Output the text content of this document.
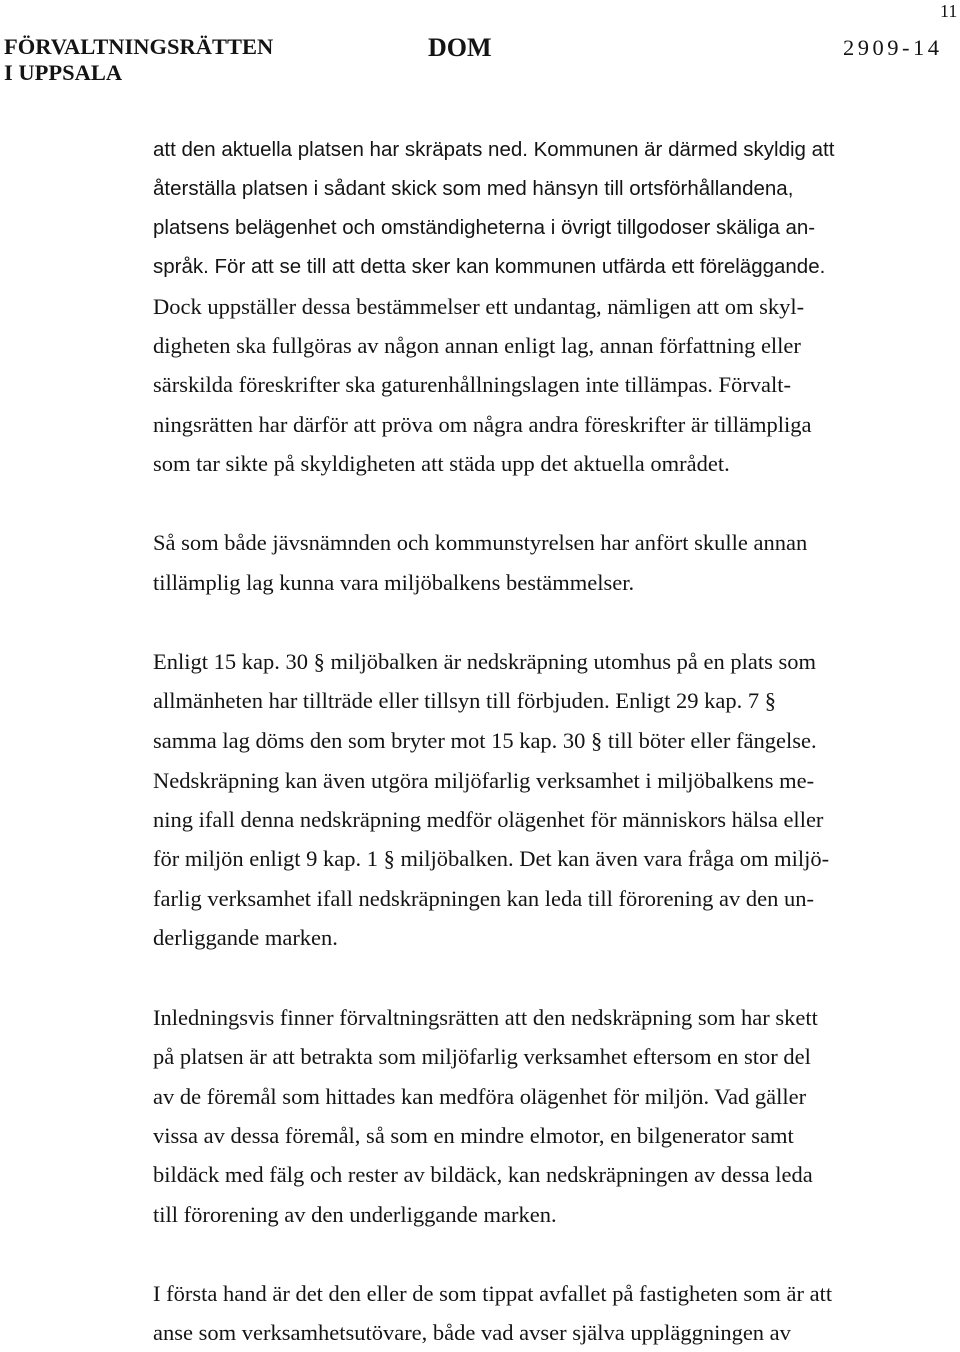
11
FÖRVALTNINGSRÄTTEN
I UPPSALA
DOM	2909-14
att den aktuella platsen har skräpats ned. Kommunen är därmed skyldig att
återställa platsen i sådant skick som med hänsyn till ortsförhållandena,
platsens belägenhet och omständigheterna i övrigt tillgodoser skäliga an-
språk. För att se till att detta sker kan kommunen utfärda ett föreläggande.
Dock uppställer dessa bestämmelser ett undantag, nämligen att om skyl-
digheten ska fullgöras av någon annan enligt lag, annan författning eller
särskilda föreskrifter ska gaturenhållningslagen inte tillämpas. Förvalt-
ningsrätten har därför att pröva om några andra föreskrifter är tillämpliga
som tar sikte på skyldigheten att städa upp det aktuella området.
Så som både jävsnämnden och kommunstyrelsen har anfört skulle annan
tillämplig lag kunna vara miljöbalkens bestämmelser.
Enligt 15 kap. 30 § miljöbalken är nedskräpning utomhus på en plats som
allmänheten har tillträde eller tillsyn till förbjuden. Enligt 29 kap. 7 §
samma lag döms den som bryter mot 15 kap. 30 § till böter eller fängelse.
Nedskräpning kan även utgöra miljöfarlig verksamhet i miljöbalkens me-
ning ifall denna nedskräpning medför olägenhet för människors hälsa eller
för miljön enligt 9 kap. 1 § miljöbalken. Det kan även vara fråga om miljö-
farlig verksamhet ifall nedskräpningen kan leda till förorening av den un-
derliggande marken.
Inledningsvis finner förvaltningsrätten att den nedskräpning som har skett
på platsen är att betrakta som miljöfarlig verksamhet eftersom en stor del
av de föremål som hittades kan medföra olägenhet för miljön. Vad gäller
vissa av dessa föremål, så som en mindre elmotor, en bilgenerator samt
bildäck med fälg och rester av bildäck, kan nedskräpningen av dessa leda
till förorening av den underliggande marken.
I första hand är det den eller de som tippat avfallet på fastigheten som är att
anse som verksamhetsutövare, både vad avser själva uppläggningen av
